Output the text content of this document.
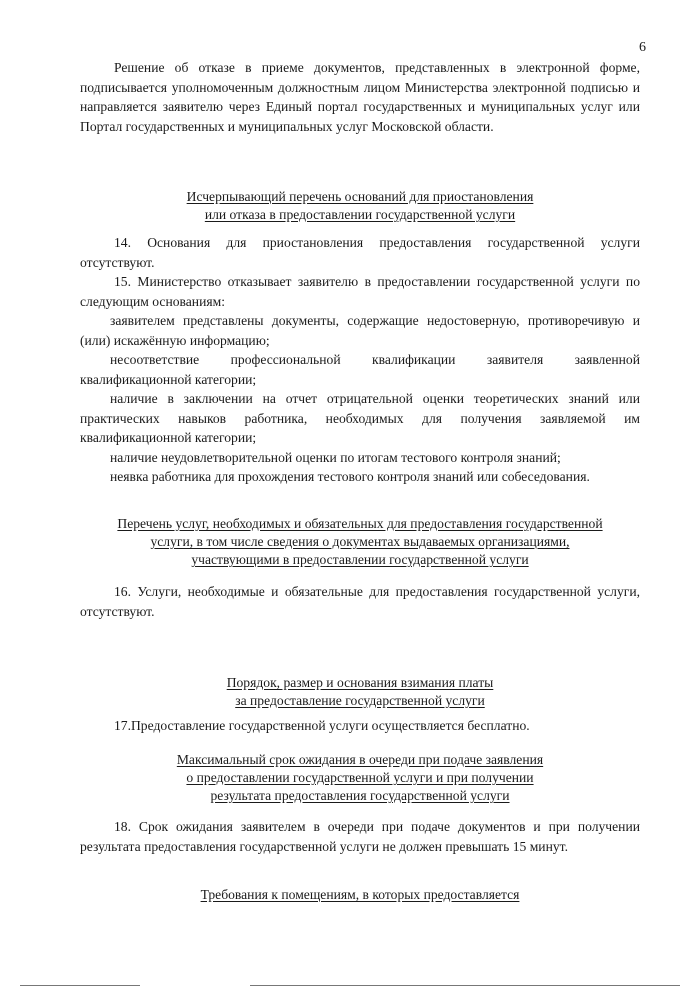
6

Решение об отказе в приеме документов, представленных в электронной форме, подписывается уполномоченным должностным лицом Министерства электронной подписью и направляется заявителю через Единый портал государственных и муниципальных услуг или Портал государственных и муниципальных услуг Московской области.

Исчерпывающий перечень оснований для приостановления
или отказа в предоставлении государственной услуги

14. Основания для приостановления предоставления государственной услуги отсутствуют.

15. Министерство отказывает заявителю в предоставлении государственной услуги по следующим основаниям:

заявителем представлены документы, содержащие недостоверную, противоречивую и (или) искажённую информацию;

несоответствие профессиональной квалификации заявителя заявленной квалификационной категории;

наличие в заключении на отчет отрицательной оценки теоретических знаний или практических навыков работника, необходимых для получения заявляемой им квалификационной категории;

наличие неудовлетворительной оценки по итогам тестового контроля знаний;

неявка работника для прохождения тестового контроля знаний или собеседования.

Перечень услуг, необходимых и обязательных для предоставления государственной
услуги, в том числе сведения о документах выдаваемых организациями,
участвующими в предоставлении государственной услуги

16. Услуги, необходимые и обязательные для предоставления государственной услуги, отсутствуют.

Порядок, размер и основания взимания платы
за предоставление государственной услуги

17.Предоставление государственной услуги осуществляется бесплатно.

Максимальный срок ожидания в очереди при подаче заявления
о предоставлении государственной услуги и при получении
результата предоставления государственной услуги

18. Срок ожидания заявителем в очереди при подаче документов и при получении результата предоставления государственной услуги не должен превышать 15 минут.

Требования к помещениям, в которых предоставляется
